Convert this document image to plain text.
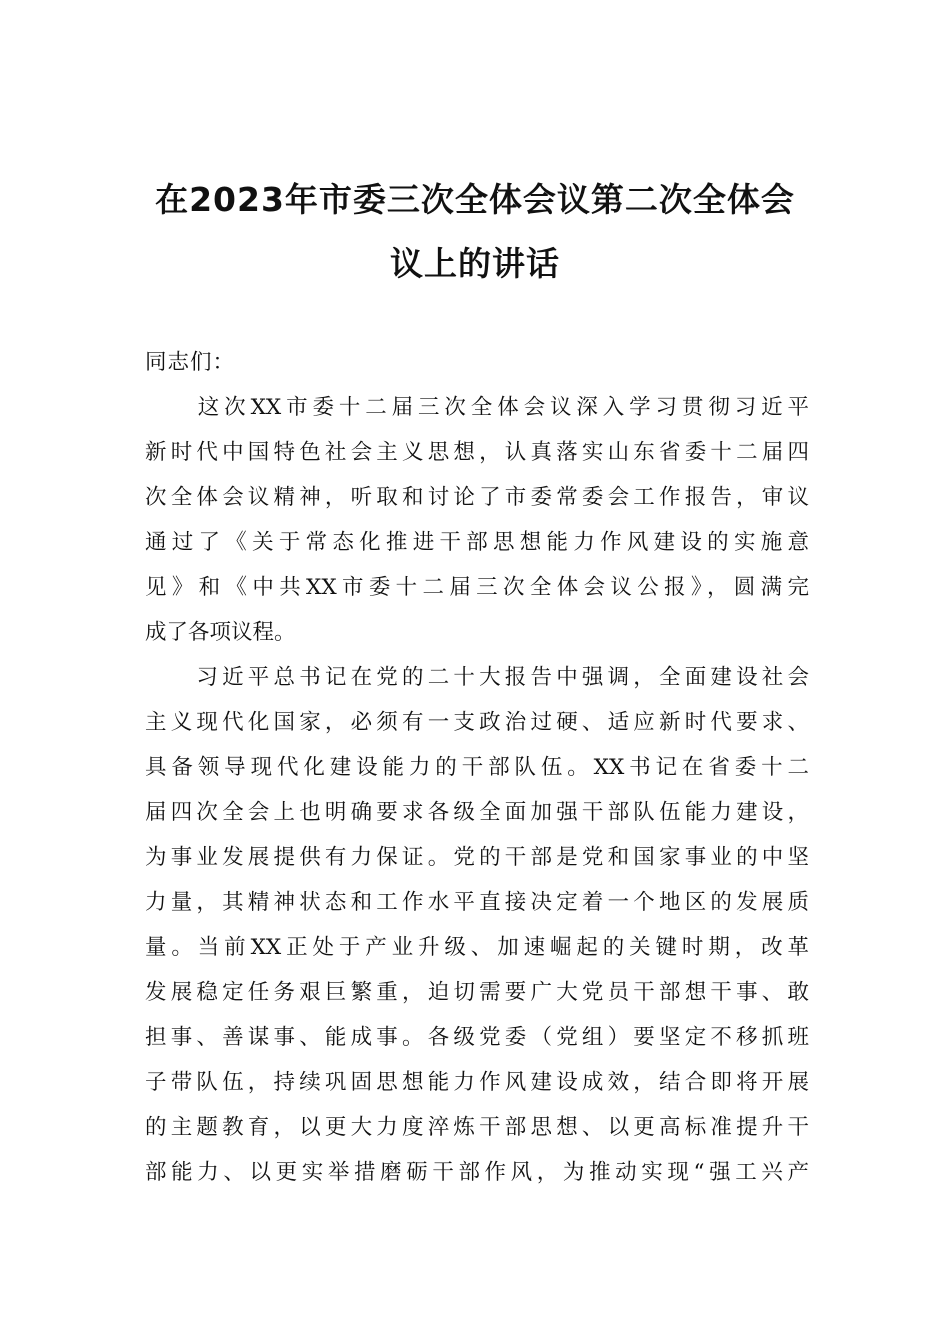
在2023年市委三次全体会议第二次全体会
议上的讲话
同志们：
　　这次XX市委十二届三次全体会议深入学习贯彻习近平
新时代中国特色社会主义思想，认真落实山东省委十二届四
次全体会议精神，听取和讨论了市委常委会工作报告，审议
通过了《关于常态化推进干部思想能力作风建设的实施意
见》和《中共XX市委十二届三次全体会议公报》，圆满完
成了各项议程。
　　习近平总书记在党的二十大报告中强调，全面建设社会
主义现代化国家，必须有一支政治过硬、适应新时代要求、
具备领导现代化建设能力的干部队伍。XX书记在省委十二
届四次全会上也明确要求各级全面加强干部队伍能力建设，
为事业发展提供有力保证。党的干部是党和国家事业的中坚
力量，其精神状态和工作水平直接决定着一个地区的发展质
量。当前XX正处于产业升级、加速崛起的关键时期，改革
发展稳定任务艰巨繁重，迫切需要广大党员干部想干事、敢
担事、善谋事、能成事。各级党委（党组）要坚定不移抓班
子带队伍，持续巩固思想能力作风建设成效，结合即将开展
的主题教育，以更大力度淬炼干部思想、以更高标准提升干
部能力、以更实举措磨砺干部作风，为推动实现“强工兴产
